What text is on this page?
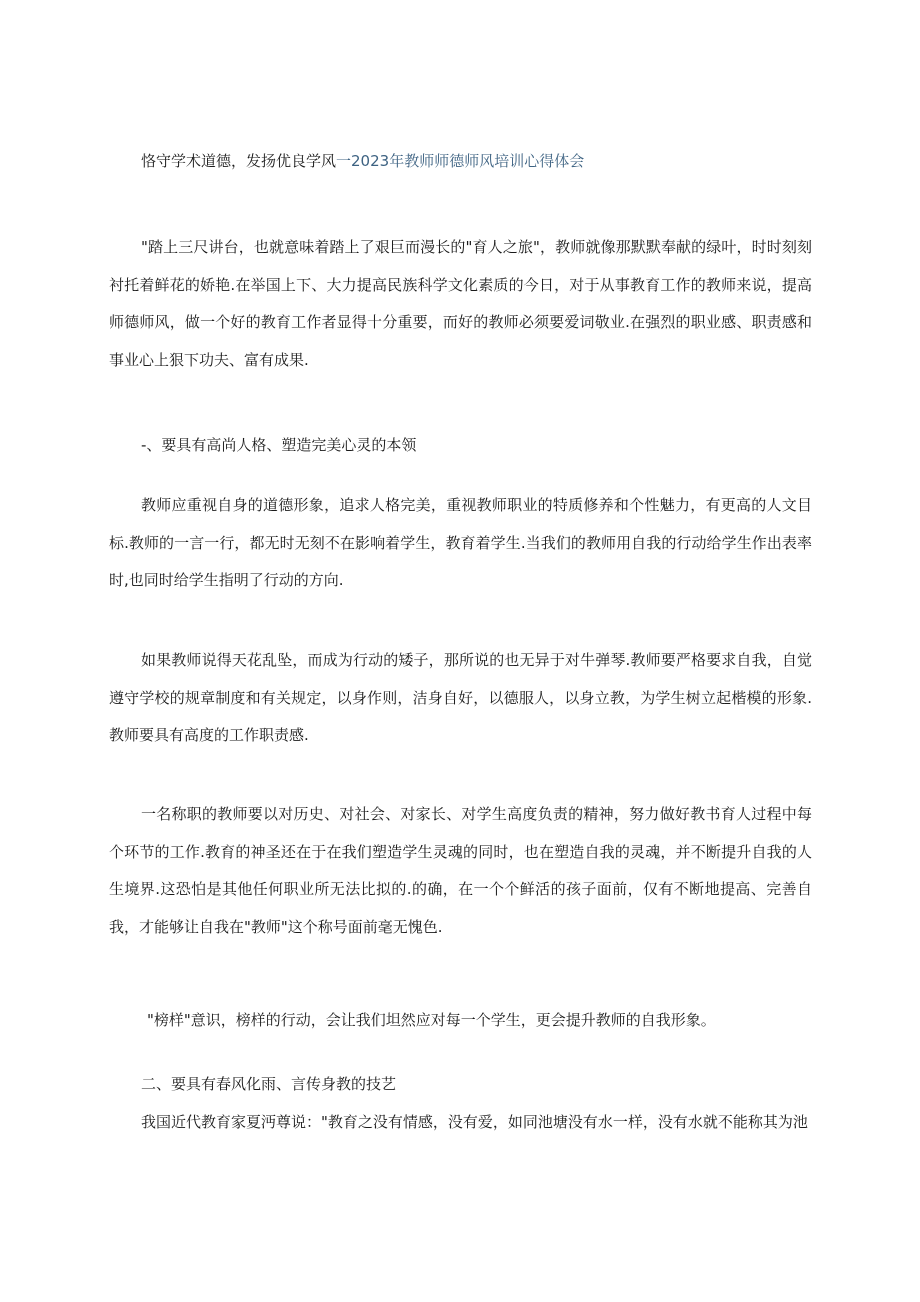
恪守学术道德，发扬优良学风一2023年教师师德师风培训心得体会

"踏上三尺讲台，也就意味着踏上了艰巨而漫长的"育人之旅"，教师就像那默默奉献的绿叶，时时刻刻衬托着鲜花的娇艳.在举国上下、大力提高民族科学文化素质的今日，对于从事教育工作的教师来说，提高师德师风，做一个好的教育工作者显得十分重要，而好的教师必须要爱词敬业.在强烈的职业感、职责感和事业心上狠下功夫、富有成果.

-、要具有高尚人格、塑造完美心灵的本领

教师应重视自身的道德形象，追求人格完美，重视教师职业的特质修养和个性魅力，有更高的人文目标.教师的一言一行，都无时无刻不在影响着学生，教育着学生.当我们的教师用自我的行动给学生作出表率时,也同时给学生指明了行动的方向.

如果教师说得天花乱坠，而成为行动的矮子，那所说的也无异于对牛弹琴.教师要严格要求自我，自觉遵守学校的规章制度和有关规定，以身作则，洁身自好，以德服人，以身立教，为学生树立起楷模的形象.教师要具有高度的工作职责感.

一名称职的教师要以对历史、对社会、对家长、对学生高度负责的精神，努力做好教书育人过程中每个环节的工作.教育的神圣还在于在我们塑造学生灵魂的同时，也在塑造自我的灵魂，并不断提升自我的人生境界.这恐怕是其他任何职业所无法比拟的.的确，在一个个鲜活的孩子面前，仅有不断地提高、完善自我，才能够让自我在"教师"这个称号面前毫无愧色.

"榜样"意识，榜样的行动，会让我们坦然应对每一个学生，更会提升教师的自我形象。

二、要具有春风化雨、言传身教的技艺

我国近代教育家夏沔尊说："教育之没有情感，没有爱，如同池塘没有水一样，没有水就不能称其为池
